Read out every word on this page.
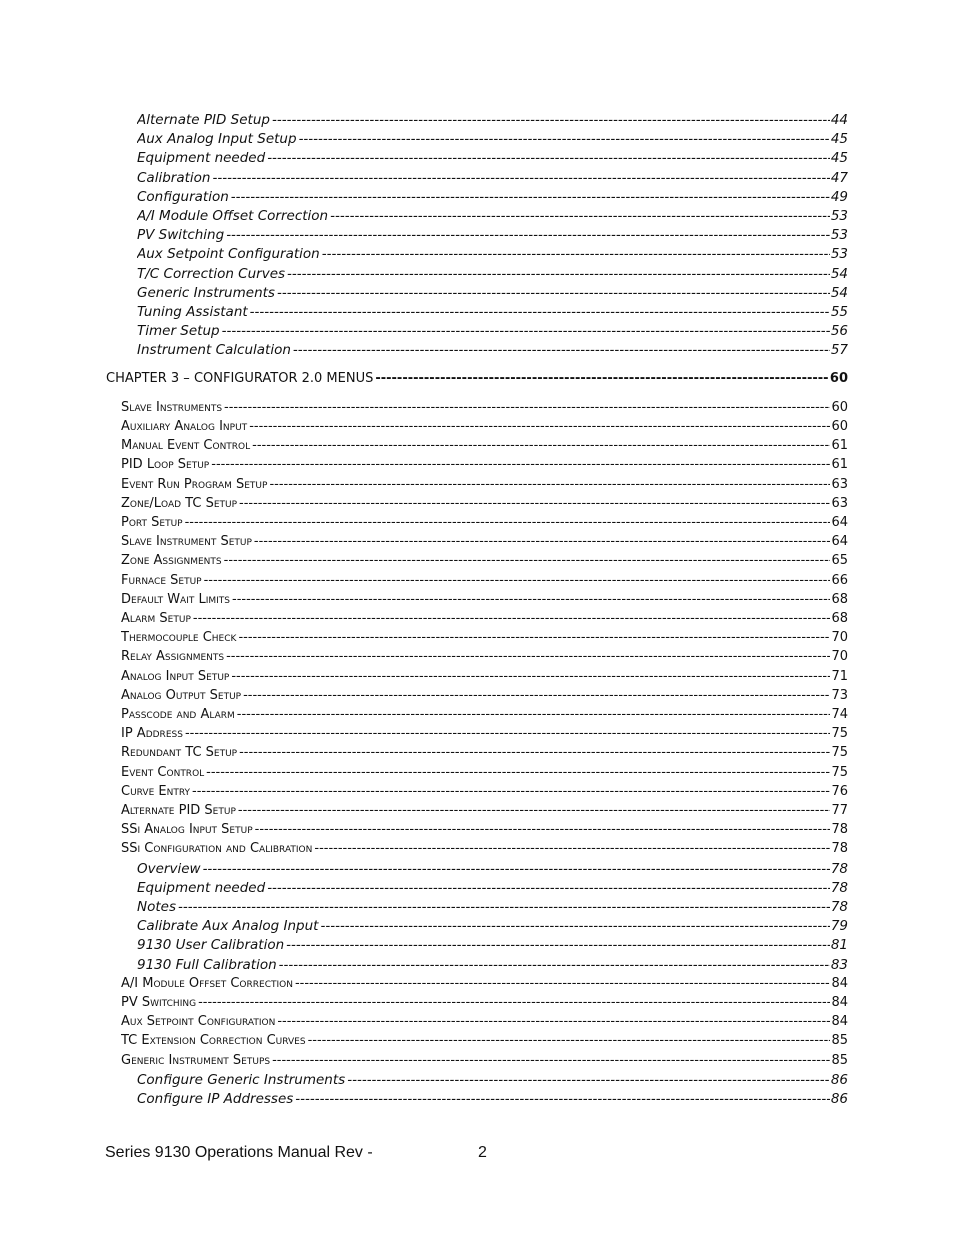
Alternate PID Setup -----	44
Aux Analog Input Setup -----	45
Equipment needed -----	45
Calibration -----	47
Configuration -----	49
A/I Module Offset Correction -----	53
PV Switching -----	53
Aux Setpoint Configuration -----	53
T/C Correction Curves -----	54
Generic Instruments -----	54
Tuning Assistant -----	55
Timer Setup -----	56
Instrument Calculation -----	57
CHAPTER 3 – CONFIGURATOR 2.0 MENUS -----	60
Slave Instruments -----	60
Auxiliary Analog Input -----	60
Manual Event Control -----	61
PID Loop Setup -----	61
Event Run Program Setup -----	63
Zone/Load TC Setup -----	63
Port Setup -----	64
Slave Instrument Setup -----	64
Zone Assignments -----	65
Furnace Setup -----	66
Default Wait Limits -----	68
Alarm Setup -----	68
Thermocouple Check -----	70
Relay Assignments -----	70
Analog Input Setup -----	71
Analog Output Setup -----	73
Passcode and Alarm -----	74
IP Address -----	75
Redundant TC Setup -----	75
Event Control -----	75
Curve Entry -----	76
Alternate PID Setup -----	77
SSi Analog Input Setup -----	78
SSi Configuration and Calibration -----	78
Overview -----	78
Equipment needed -----	78
Notes -----	78
Calibrate Aux Analog Input -----	79
9130 User Calibration -----	81
9130 Full Calibration -----	83
A/I Module Offset Correction -----	84
PV Switching -----	84
Aux Setpoint Configuration -----	84
TC Extension Correction Curves -----	85
Generic Instrument Setups -----	85
Configure Generic Instruments -----	86
Configure IP Addresses -----	86
Series 9130 Operations Manual Rev -	2
